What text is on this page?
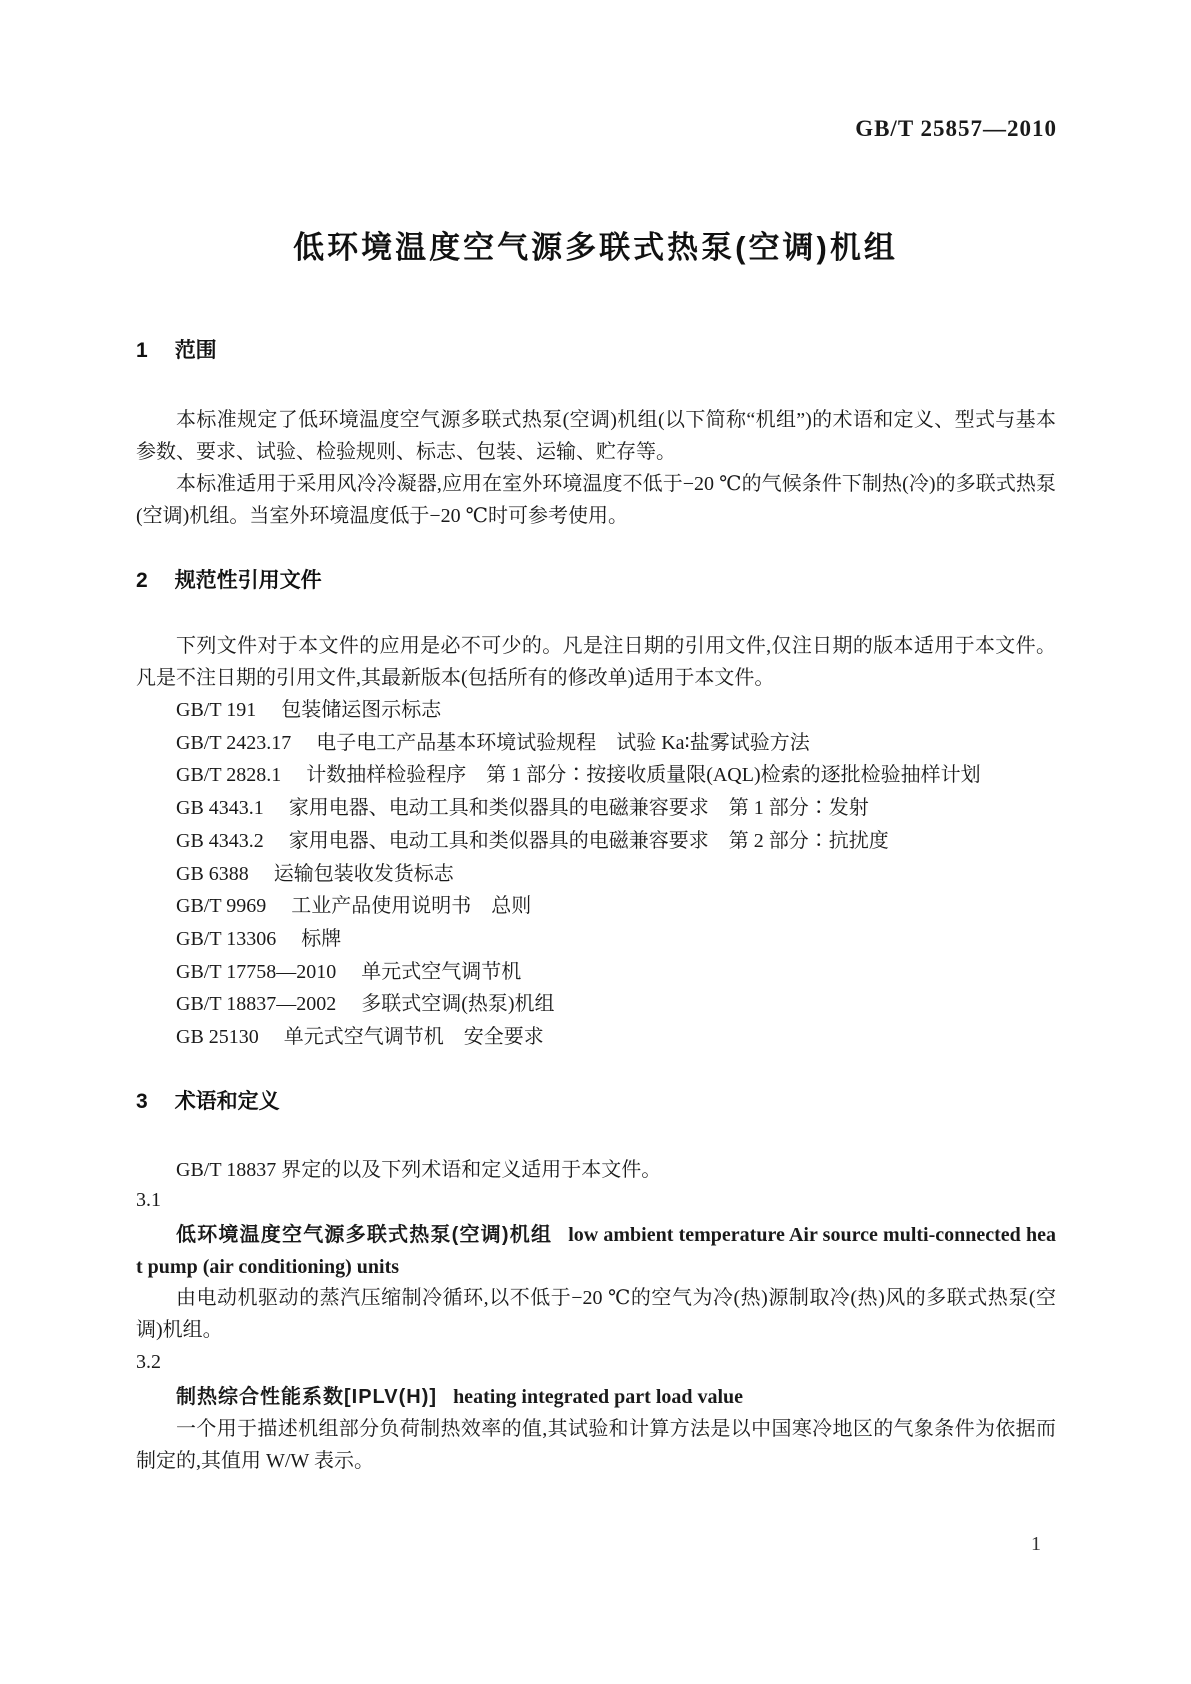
GB/T 25857—2010
低环境温度空气源多联式热泵(空调)机组
1 范围
本标准规定了低环境温度空气源多联式热泵(空调)机组(以下简称“机组”)的术语和定义、型式与基本参数、要求、试验、检验规则、标志、包装、运输、贮存等。
本标准适用于采用风冷冷凝器,应用在室外环境温度不低于−20 ℃的气候条件下制热(冷)的多联式热泵(空调)机组。当室外环境温度低于−20 ℃时可参考使用。
2 规范性引用文件
下列文件对于本文件的应用是必不可少的。凡是注日期的引用文件,仅注日期的版本适用于本文件。凡是不注日期的引用文件,其最新版本(包括所有的修改单)适用于本文件。
GB/T 191 包装储运图示标志
GB/T 2423.17 电子电工产品基本环境试验规程　试验 Ka∶盐雾试验方法
GB/T 2828.1 计数抽样检验程序　第 1 部分∶按接收质量限(AQL)检索的逐批检验抽样计划
GB 4343.1 家用电器、电动工具和类似器具的电磁兼容要求　第 1 部分∶发射
GB 4343.2 家用电器、电动工具和类似器具的电磁兼容要求　第 2 部分∶抗扰度
GB 6388 运输包装收发货标志
GB/T 9969 工业产品使用说明书　总则
GB/T 13306 标牌
GB/T 17758—2010 单元式空气调节机
GB/T 18837—2002 多联式空调(热泵)机组
GB 25130 单元式空气调节机　安全要求
3 术语和定义
GB/T 18837 界定的以及下列术语和定义适用于本文件。
3.1
低环境温度空气源多联式热泵(空调)机组 low ambient temperature Air source multi-connected heat pump (air conditioning) units
由电动机驱动的蒸汽压缩制冷循环,以不低于−20 ℃的空气为冷(热)源制取冷(热)风的多联式热泵(空调)机组。
3.2
制热综合性能系数[IPLV(H)] heating integrated part load value
一个用于描述机组部分负荷制热效率的值,其试验和计算方法是以中国寒冷地区的气象条件为依据而制定的,其值用 W/W 表示。
1
